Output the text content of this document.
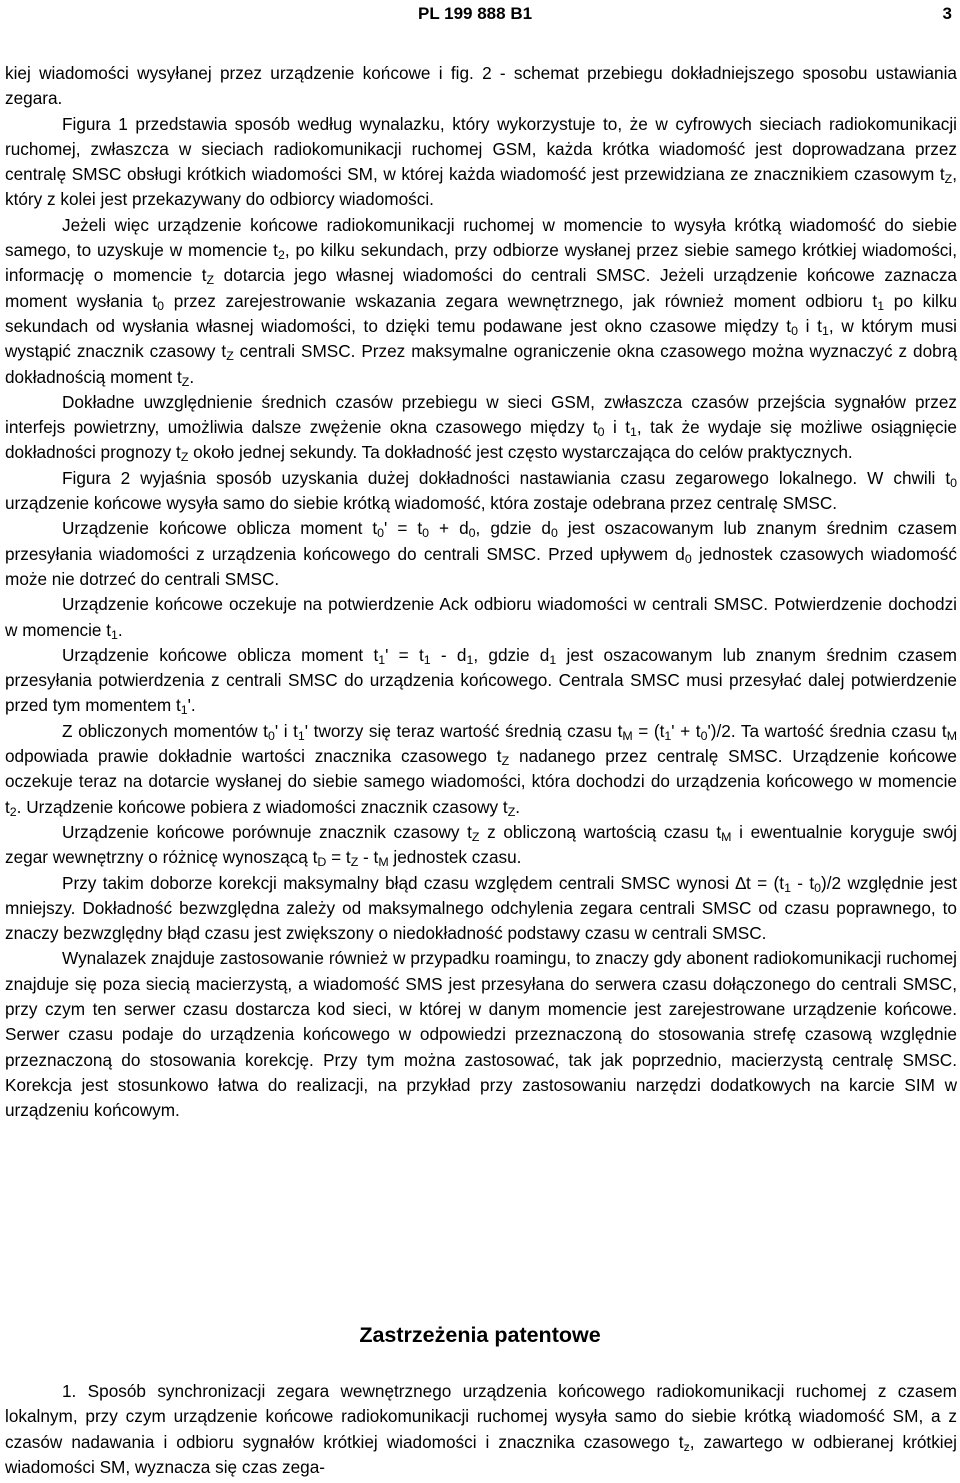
PL 199 888 B1	3

kiej wiadomości wysyłanej przez urządzenie końcowe i fig. 2 - schemat przebiegu dokładniejszego sposobu ustawiania zegara.

Figura 1 przedstawia sposób według wynalazku, który wykorzystuje to, że w cyfrowych sieciach radiokomunikacji ruchomej, zwłaszcza w sieciach radiokomunikacji ruchomej GSM, każda krótka wiadomość jest doprowadzana przez centralę SMSC obsługi krótkich wiadomości SM, w której każda wiadomość jest przewidziana ze znacznikiem czasowym $t_Z$, który z kolei jest przekazywany do odbiorcy wiadomości.

Jeżeli więc urządzenie końcowe radiokomunikacji ruchomej w momencie to wysyła krótką wiadomość do siebie samego, to uzyskuje w momencie $t_2$, po kilku sekundach, przy odbiorze wysłanej przez siebie samego krótkiej wiadomości, informację o momencie $t_Z$ dotarcia jego własnej wiadomości do centrali SMSC. Jeżeli urządzenie końcowe zaznacza moment wysłania $t_0$ przez zarejestrowanie wskazania zegara wewnętrznego, jak również moment odbioru $t_1$ po kilku sekundach od wysłania własnej wiadomości, to dzięki temu podawane jest okno czasowe między $t_0$ i $t_1$, w którym musi wystąpić znacznik czasowy $t_Z$ centrali SMSC. Przez maksymalne ograniczenie okna czasowego można wyznaczyć z dobrą dokładnością moment $t_Z$.

Dokładne uwzględnienie średnich czasów przebiegu w sieci GSM, zwłaszcza czasów przejścia sygnałów przez interfejs powietrzny, umożliwia dalsze zwężenie okna czasowego między $t_0$ i $t_1$, tak że wydaje się możliwe osiągnięcie dokładności prognozy $t_Z$ około jednej sekundy. Ta dokładność jest często wystarczająca do celów praktycznych.

Figura 2 wyjaśnia sposób uzyskania dużej dokładności nastawiania czasu zegarowego lokalnego. W chwili $t_0$ urządzenie końcowe wysyła samo do siebie krótką wiadomość, która zostaje odebrana przez centralę SMSC.

Urządzenie końcowe oblicza moment $t_0' = t_0 + d_0$, gdzie $d_0$ jest oszacowanym lub znanym średnim czasem przesyłania wiadomości z urządzenia końcowego do centrali SMSC. Przed upływem $d_0$ jednostek czasowych wiadomość może nie dotrzeć do centrali SMSC.

Urządzenie końcowe oczekuje na potwierdzenie Ack odbioru wiadomości w centrali SMSC. Potwierdzenie dochodzi w momencie $t_1$.

Urządzenie końcowe oblicza moment $t_1' = t_1 - d_1$, gdzie $d_1$ jest oszacowanym lub znanym średnim czasem przesyłania potwierdzenia z centrali SMSC do urządzenia końcowego. Centrala SMSC musi przesyłać dalej potwierdzenie przed tym momentem $t_1'$.

Z obliczonych momentów $t_0'$ i $t_1'$ tworzy się teraz wartość średnią czasu $t_M = (t_1' + t_0')/2$. Ta wartość średnia czasu $t_M$ odpowiada prawie dokładnie wartości znacznika czasowego $t_Z$ nadanego przez centralę SMSC. Urządzenie końcowe oczekuje teraz na dotarcie wysłanej do siebie samego wiadomości, która dochodzi do urządzenia końcowego w momencie $t_2$. Urządzenie końcowe pobiera z wiadomości znacznik czasowy $t_Z$.

Urządzenie końcowe porównuje znacznik czasowy $t_Z$ z obliczoną wartością czasu $t_M$ i ewentualnie koryguje swój zegar wewnętrzny o różnicę wynoszącą $t_D = t_Z - t_M$ jednostek czasu.

Przy takim doborze korekcji maksymalny błąd czasu względem centrali SMSC wynosi $\Delta t = (t_1 - t_0)/2$ względnie jest mniejszy. Dokładność bezwzględna zależy od maksymalnego odchylenia zegara centrali SMSC od czasu poprawnego, to znaczy bezwzględny błąd czasu jest zwiększony o niedokładność podstawy czasu w centrali SMSC.

Wynalazek znajduje zastosowanie również w przypadku roamingu, to znaczy gdy abonent radiokomunikacji ruchomej znajduje się poza siecią macierzystą, a wiadomość SMS jest przesyłana do serwera czasu dołączonego do centrali SMSC, przy czym ten serwer czasu dostarcza kod sieci, w której w danym momencie jest zarejestrowane urządzenie końcowe. Serwer czasu podaje do urządzenia końcowego w odpowiedzi przeznaczoną do stosowania strefę czasową względnie przeznaczoną do stosowania korekcję. Przy tym można zastosować, tak jak poprzednio, macierzystą centralę SMSC. Korekcja jest stosunkowo łatwa do realizacji, na przykład przy zastosowaniu narzędzi dodatkowych na karcie SIM w urządzeniu końcowym.

Zastrzeżenia patentowe

1. Sposób synchronizacji zegara wewnętrznego urządzenia końcowego radiokomunikacji ruchomej z czasem lokalnym, przy czym urządzenie końcowe radiokomunikacji ruchomej wysyła samo do siebie krótką wiadomość SM, a z czasów nadawania i odbioru sygnałów krótkiej wiadomości i znacznika czasowego $t_z$, zawartego w odbieranej krótkiej wiadomości SM, wyznacza się czas zega-
